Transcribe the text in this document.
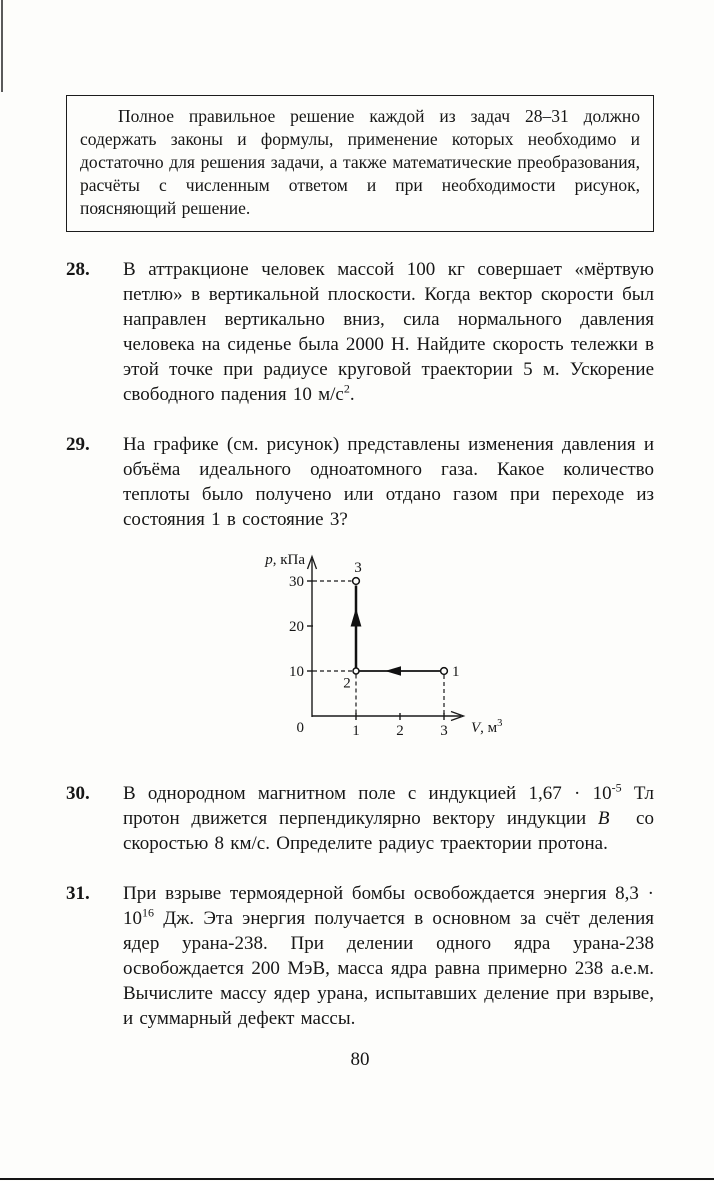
Полное правильное решение каждой из задач 28–31 должно содержать законы и формулы, применение которых необходимо и достаточно для решения задачи, а также математические преобразования, расчёты с численным ответом и при необходимости рисунок, поясняющий решение.

28.	В аттракционе человек массой 100 кг совершает «мёртвую петлю» в вертикальной плоскости. Когда вектор скорости был направлен вертикально вниз, сила нормального давления человека на сиденье была 2000 Н. Найдите скорость тележки в этой точке при радиусе круговой траектории 5 м. Ускорение свободного падения 10 $м/с^2$.

29.	На графике (см. рисунок) представлены изменения давления и объёма идеального одноатомного газа. Какое количество теплоты было получено или отдано газом при переходе из состояния 1 в состояние 3?

p, кПа
V, $м^3$
30
20
10
0	1 2 3
3
2
1
30.	В однородном магнитном поле с индукцией $1,67 \cdot 10^{-5}$ Тл протон движется перпендикулярно вектору индукции B⃗ со скоростью 8 км/с. Определите радиус траектории протона.

31.	При взрыве термоядерной бомбы освобождается энергия $8,3 \cdot 10^{16}$ Дж. Эта энергия получается в основном за счёт деления ядер урана-238. При делении одного ядра урана-238 освобождается 200 МэВ, масса ядра равна примерно 238 а.е.м. Вычислите массу ядер урана, испытавших деление при взрыве, и суммарный дефект массы.

80
